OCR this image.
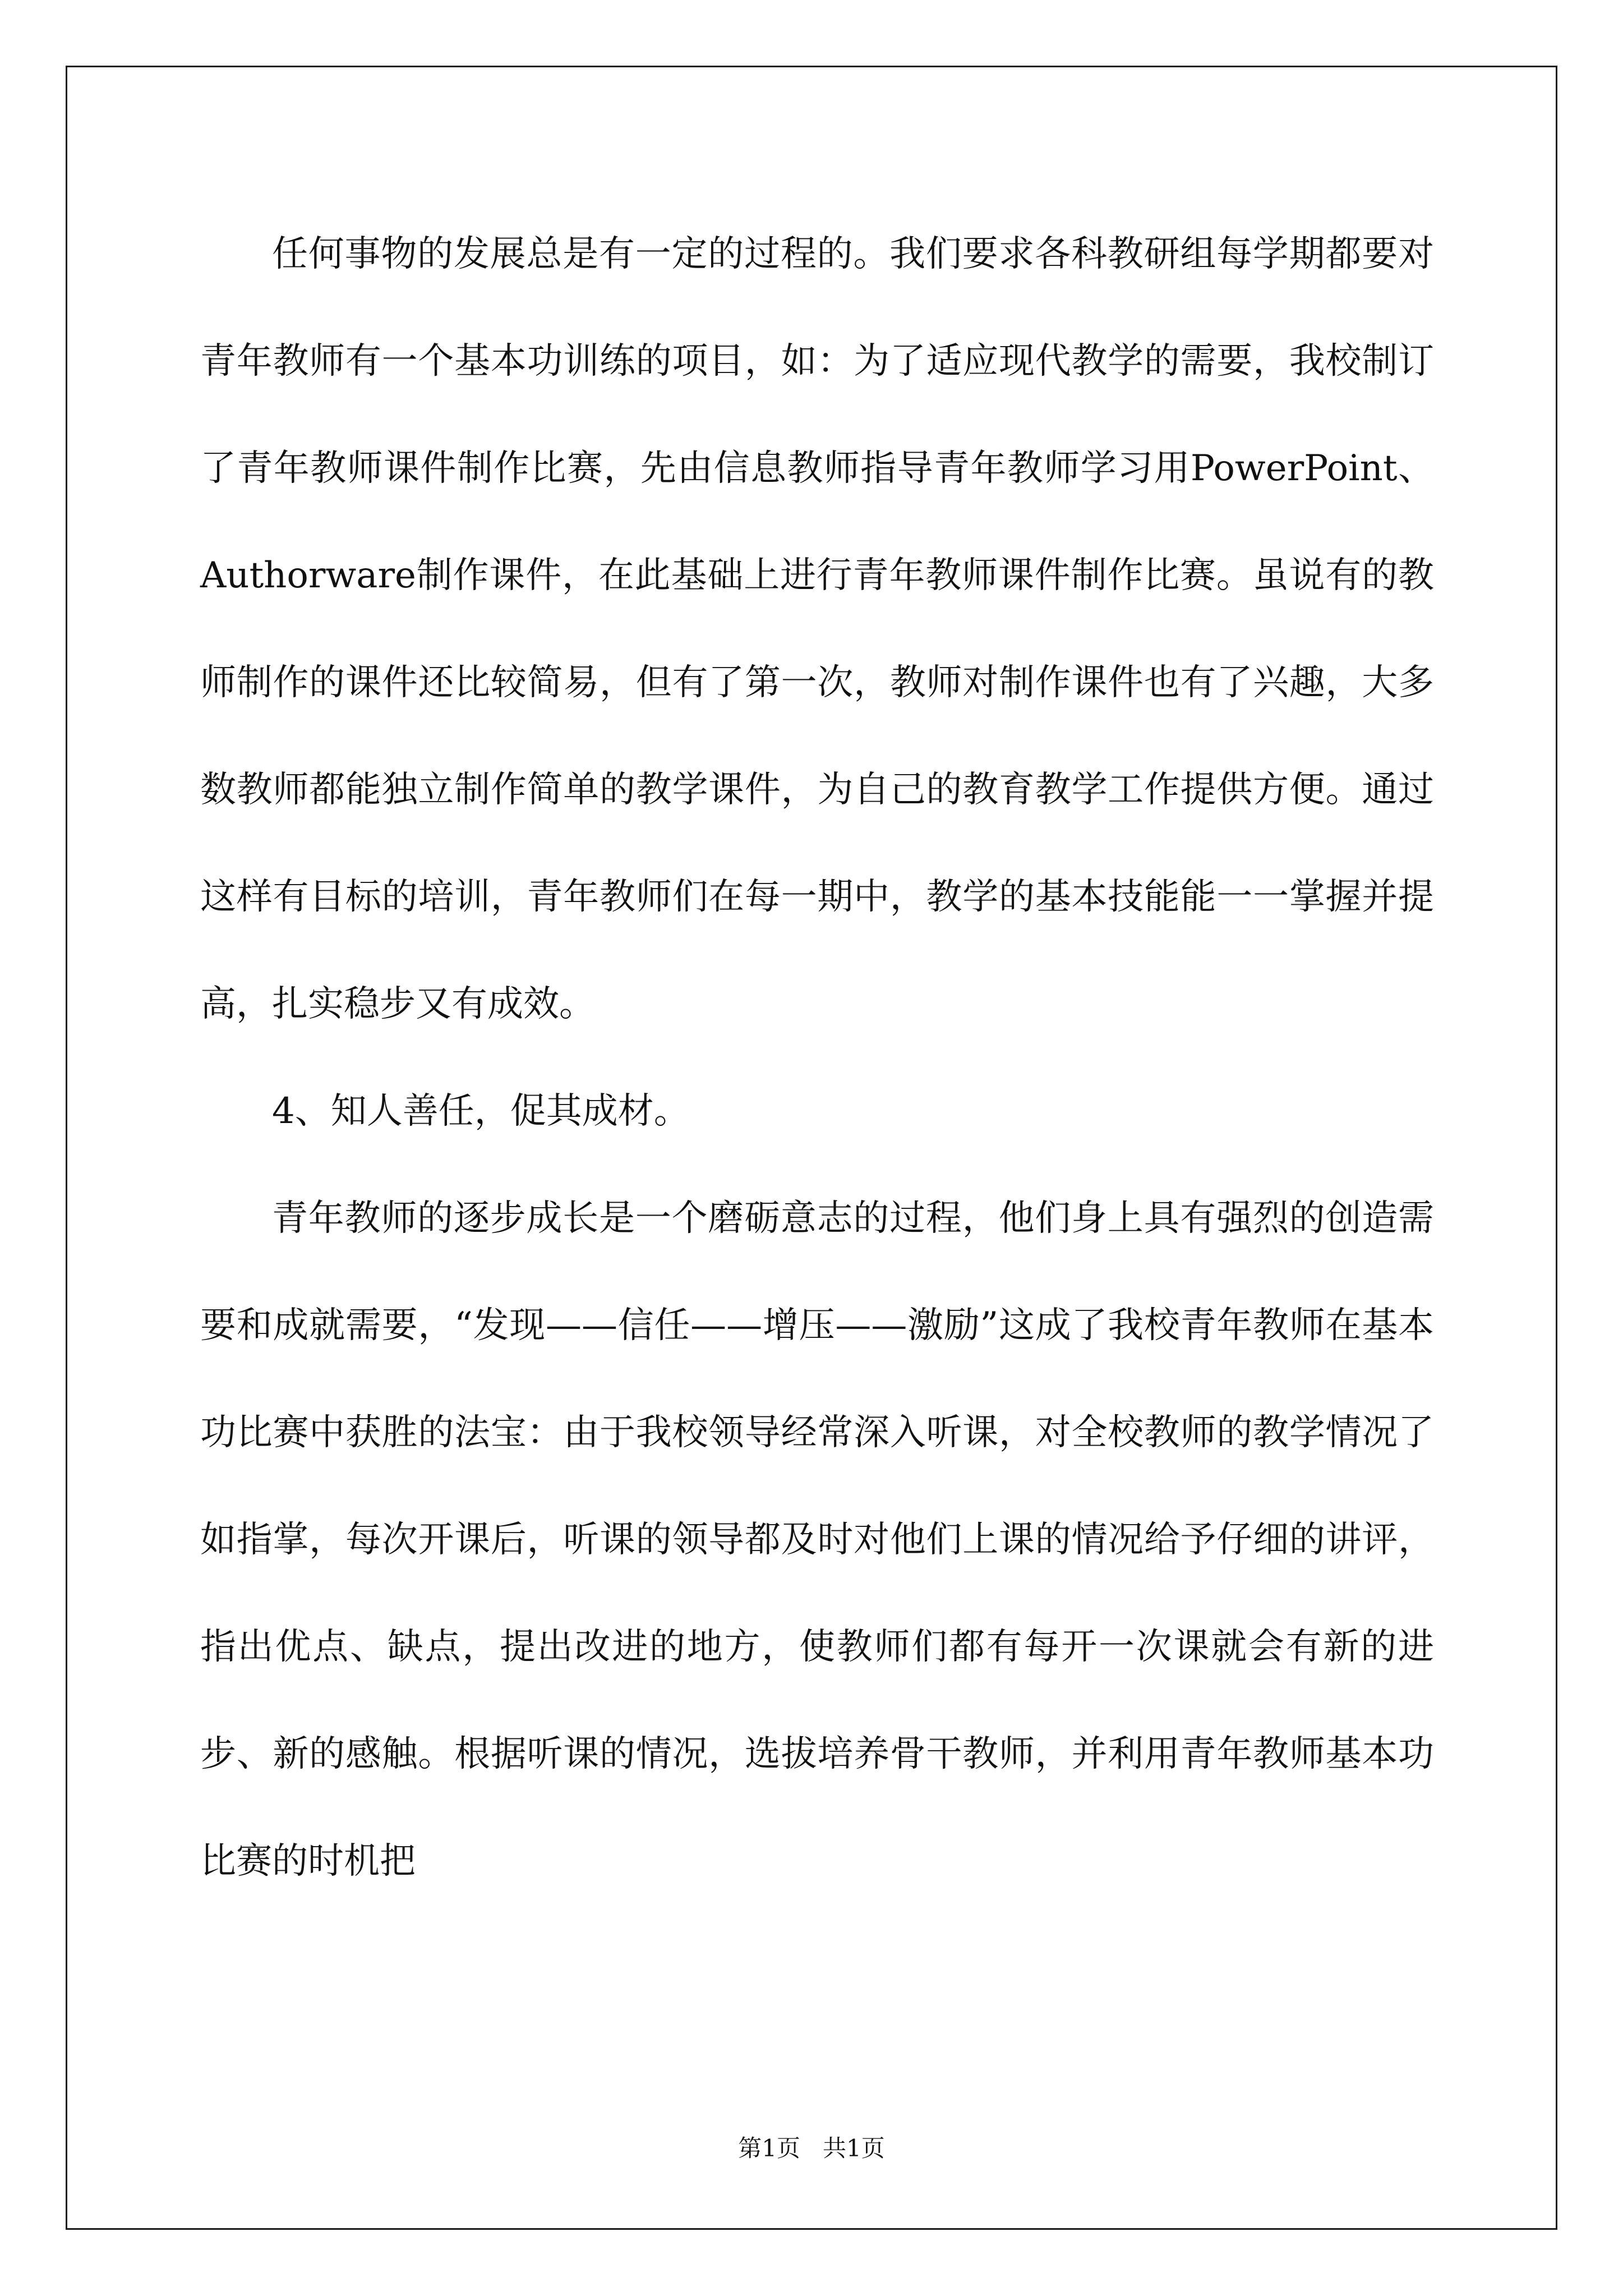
任何事物的发展总是有一定的过程的。我们要求各科教研组每学期都要对青年教师有一个基本功训练的项目，如：为了适应现代教学的需要，我校制订了青年教师课件制作比赛，先由信息教师指导青年教师学习用PowerPoint、Authorware制作课件，在此基础上进行青年教师课件制作比赛。虽说有的教师制作的课件还比较简易，但有了第一次，教师对制作课件也有了兴趣，大多数教师都能独立制作简单的教学课件，为自己的教育教学工作提供方便。通过这样有目标的培训，青年教师们在每一期中，教学的基本技能能一一掌握并提高，扎实稳步又有成效。

4、知人善任，促其成材。

青年教师的逐步成长是一个磨砺意志的过程，他们身上具有强烈的创造需要和成就需要，“发现——信任——增压——激励”这成了我校青年教师在基本功比赛中获胜的法宝：由于我校领导经常深入听课，对全校教师的教学情况了如指掌，每次开课后，听课的领导都及时对他们上课的情况给予仔细的讲评，指出优点、缺点，提出改进的地方，使教师们都有每开一次课就会有新的进步、新的感触。根据听课的情况，选拔培养骨干教师，并利用青年教师基本功比赛的时机把

第1页 共1页
